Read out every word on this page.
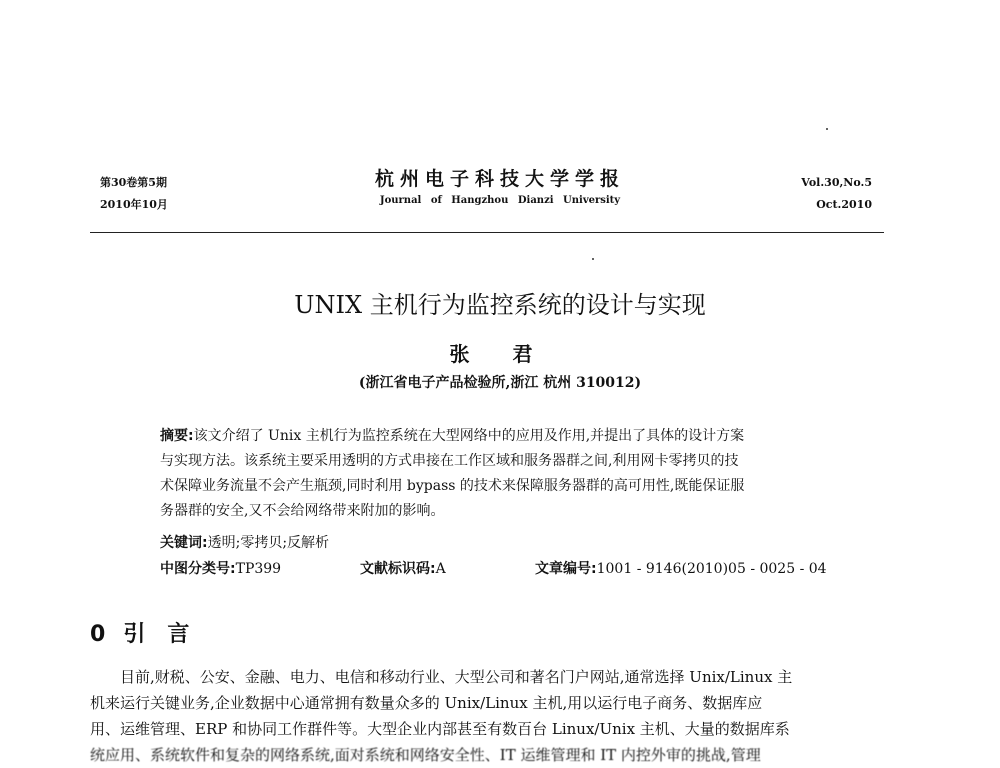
第30卷第5期
2010年10月
杭州电子科技大学学报
Journal of Hangzhou Dianzi University
Vol.30,No.5
Oct.2010
UNIX 主机行为监控系统的设计与实现
张 君
(浙江省电子产品检验所,浙江 杭州 310012)
摘要:该文介绍了 Unix 主机行为监控系统在大型网络中的应用及作用,并提出了具体的设计方案
与实现方法。该系统主要采用透明的方式串接在工作区域和服务器群之间,利用网卡零拷贝的技
术保障业务流量不会产生瓶颈,同时利用 bypass 的技术来保障服务器群的高可用性,既能保证服
务器群的安全,又不会给网络带来附加的影响。
关键词:透明;零拷贝;反解析
中图分类号:TP399	文献标识码:A	文章编号:1001 - 9146(2010)05 - 0025 - 04
0 引言
目前,财税、公安、金融、电力、电信和移动行业、大型公司和著名门户网站,通常选择 Unix/Linux 主
机来运行关键业务,企业数据中心通常拥有数量众多的 Unix/Linux 主机,用以运行电子商务、数据库应
用、运维管理、ERP 和协同工作群件等。大型企业内部甚至有数百台 Linux/Unix 主机、大量的数据库系
统应用、系统软件和复杂的网络系统,面对系统和网络安全性、IT 运维管理和 IT 内控外审的挑战,管理
